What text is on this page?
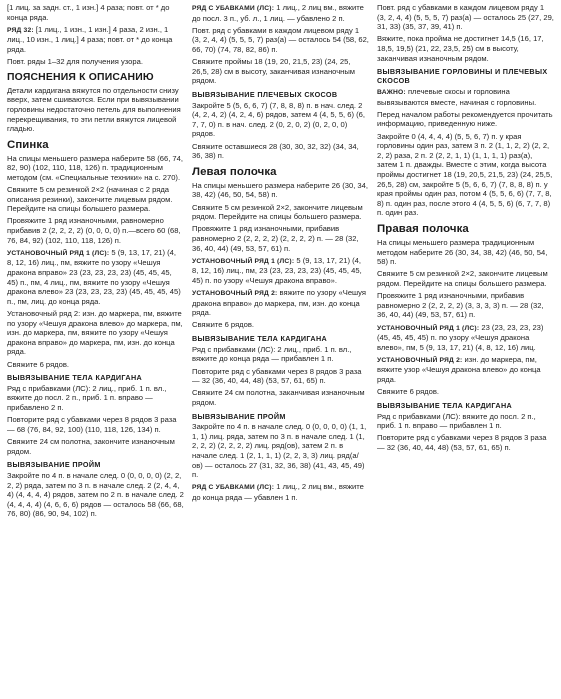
[1 лиц. за задн. ст., 1 изн.] 4 раза; повт. от * до конца ряда.

РЯД 32: [1 лиц., 1 изн., 1 изн.] 4 раза, 2 изн., 1 лиц., 10 изн., 1 лиц.] 4 раза; повт. от * до конца ряда.

Повт. ряды 1–32 для получения узора.

ПОЯСНЕНИЯ К ОПИСАНИЮ

Детали кардигана вяжутся по отдельности снизу вверх, затем сшиваются. Если при вывязывании горловины недостаточно петель для выполнения перекрещивания, то эти петли вяжутся лицевой гладью.

Спинка

На спицы меньшего размера наберите 58 (66, 74, 82, 90) (102, 110, 118, 126) п. традиционным методом (см. «Специальные техники» на с. 270).

Свяжите 5 см резинкой 2×2 (начиная с 2 ряда описания резинки), закончите лицевым рядом. Перейдите на спицы большего размера.

Провяжите 1 ряд изнаночными, равномерно прибавив 2 (2, 2, 2, 2) (0, 0, 0, 0) п.—всего 60 (68, 76, 84, 92) (102, 110, 118, 126) п.

УСТАНОВОЧНЫЙ РЯД 1 (ЛС): 5 (9, 13, 17, 21) (4, 8, 12, 16) лиц., пм, вяжите по узору «Чешуя дракона вправо» 23 (23, 23, 23, 23) (45, 45, 45, 45) п., пм, 4 лиц., пм, вяжите по узору «Чешуя дракона влево» 23 (23, 23, 23, 23) (45, 45, 45, 45) п., пм, лиц. до конца ряда.

Установочный ряд 2: изн. до маркера, пм, вяжите по узору «Чешуя дракона влево» до маркера, пм, изн. до маркера, пм, вяжите по узору «Чешуя дракона вправо» до маркера, пм, изн. до конца ряда.

Свяжите 6 рядов.

ВЫВЯЗЫВАНИЕ ТЕЛА КАРДИГАНА

Ряд с прибавками (ЛС): 2 лиц., приб. 1 п. вл., вяжите до посл. 2 п., приб. 1 п. вправо — прибавлено 2 п.

Повторите ряд с убавками через 8 рядов 3 раза — 68 (76, 84, 92, 100) (110, 118, 126, 134) п.

Свяжите 24 см полотна, закончите изнаночным рядом.

ВЫВЯЗЫВАНИЕ ПРОЙМ

Закройте по 4 п. в начале след. 0 (0, 0, 0, 0) (2, 2, 2, 2) ряда, затем по 3 п. в начале след. 2 (2, 4, 4, 4) (4, 4, 4, 4) рядов, затем по 2 п. в начале след. 2 (4, 4, 4, 4) (4, 6, 6, 6) рядов — осталось 58 (66, 68, 76, 80) (86, 90, 94, 102) п.

РЯД С УБАВКАМИ (ЛС): 1 лиц., 2 лиц вм., вяжите до посл. 3 п., уб. л., 1 лиц. — убавлено 2 п.

Повт. ряд с убавками в каждом лицевом ряду 1 (3, 2, 4, 4) (5, 5, 5, 7) раз(а) — осталось 54 (58, 62, 66, 70) (74, 78, 82, 86) п.

Свяжите проймы 18 (19, 20, 21,5, 23) (24, 25, 26,5, 28) см в высоту, заканчивая изнаночным рядом.

ВЫВЯЗЫВАНИЕ ПЛЕЧЕВЫХ СКОСОВ

Закройте 5 (5, 6, 6, 7) (7, 8, 8, 8) п. в нач. след. 2 (4, 2, 4, 2) (4, 2, 4, 6) рядов, затем 4 (4, 5, 5, 6) (6, 7, 7, 0) п. в нач. след. 2 (0, 2, 0, 2) (0, 2, 0, 0) рядов.

Свяжите оставшиеся 28 (30, 30, 32, 32) (34, 34, 36, 38) п.

Левая полочка

На спицы меньшего размера наберите 26 (30, 34, 38, 42) (46, 50, 54, 58) п.

Свяжите 5 см резинкой 2×2, закончите лицевым рядом. Перейдите на спицы большего размера.

Провяжите 1 ряд изнаночными, прибавив равномерно 2 (2, 2, 2, 2) (2, 2, 2, 2) п. — 28 (32, 36, 40, 44) (49, 53, 57, 61) п.

УСТАНОВОЧНЫЙ РЯД 1 (ЛС): 5 (9, 13, 17, 21) (4, 8, 12, 16) лиц., пм, 23 (23, 23, 23, 23) (45, 45, 45, 45) п. по узору «Чешуя дракона вправо».

УСТАНОВОЧНЫЙ РЯД 2: вяжите по узору «Чешуя дракона вправо» до маркера, пм, изн. до конца ряда.

Свяжите 6 рядов.

ВЫВЯЗЫВАНИЕ ТЕЛА КАРДИГАНА

Ряд с прибавками (ЛС): 2 лиц., приб. 1 п. вл., вяжите до конца ряда — прибавлен 1 п.

Повторите ряд с убавками через 8 рядов 3 раза — 32 (36, 40, 44, 48) (53, 57, 61, 65) п.

Свяжите 24 см полотна, заканчивая изнаночным рядом.

ВЫВЯЗЫВАНИЕ ПРОЙМ

Закройте по 4 п. в начале след. 0 (0, 0, 0, 0) (1, 1, 1, 1) лиц. ряда, затем по 3 п. в начале след. 1 (1, 2, 2, 2) (2, 2, 2, 2) лиц. ряд(ов), затем 2 п. в начале след. 1 (2, 1, 1, 1) (2, 2, 3, 3) лиц. ряд(а/ов) — осталось 27 (31, 32, 36, 38) (41, 43, 45, 49) п.

РЯД С УБАВКАМИ (ЛС): 1 лиц., 2 лиц вм., вяжите до конца ряда — убавлен 1 п.

Повт. ряд с убавками в каждом лицевом ряду 1 (3, 2, 4, 4) (5, 5, 5, 7) раз(а) — осталось 25 (27, 29, 31, 33) (35, 37, 39, 41) п.

Вяжите, пока пройма не достигнет 14,5 (16, 17, 18,5, 19,5) (21, 22, 23,5, 25) см в высоту, заканчивая изнаночным рядом.

ВЫВЯЗЫВАНИЕ ГОРЛОВИНЫ И ПЛЕЧЕВЫХ СКОСОВ

ВАЖНО: плечевые скосы и горловина вывязываются вместе, начиная с горловины.

Перед началом работы рекомендуется прочитать информацию, приведенную ниже.

Закройте 0 (4, 4, 4, 4) (5, 5, 6, 7) п. у края горловины один раз, затем 3 п. 2 (1, 1, 2, 2) (2, 2, 2, 2) раза, 2 п. 2 (2, 2, 1, 1) (1, 1, 1, 1) раз(а), затем 1 п. дважды. Вместе с этим, когда высота проймы достигнет 18 (19, 20,5, 21,5, 23) (24, 25,5, 26,5, 28) см, закройте 5 (5, 6, 6, 7) (7, 8, 8, 8) п. у края проймы один раз, потом 4 (5, 5, 6, 6) (7, 7, 8, 8) п. один раз, после этого 4 (4, 5, 5, 6) (6, 7, 7, 8) п. один раз.

Правая полочка

На спицы меньшего размера традиционным методом наберите 26 (30, 34, 38, 42) (46, 50, 54, 58) п.

Свяжите 5 см резинкой 2×2, закончите лицевым рядом. Перейдите на спицы большего размера.

Провяжите 1 ряд изнаночными, прибавив равномерно 2 (2, 2, 2, 2) (3, 3, 3, 3) п. — 28 (32, 36, 40, 44) (49, 53, 57, 61) п.

УСТАНОВОЧНЫЙ РЯД 1 (ЛС): 23 (23, 23, 23, 23) (45, 45, 45, 45) п. по узору «Чешуя дракона влево», пм, 5 (9, 13, 17, 21) (4, 8, 12, 16) лиц.

УСТАНОВОЧНЫЙ РЯД 2: изн. до маркера, пм, вяжите узор «Чешуя дракона влево» до конца ряда.

Свяжите 6 рядов.

ВЫВЯЗЫВАНИЕ ТЕЛА КАРДИГАНА

Ряд с прибавками (ЛС): вяжите до посл. 2 п., приб. 1 п. вправо — прибавлен 1 п.

Повторите ряд с убавками через 8 рядов 3 раза — 32 (36, 40, 44, 48) (53, 57, 61, 65) п.
